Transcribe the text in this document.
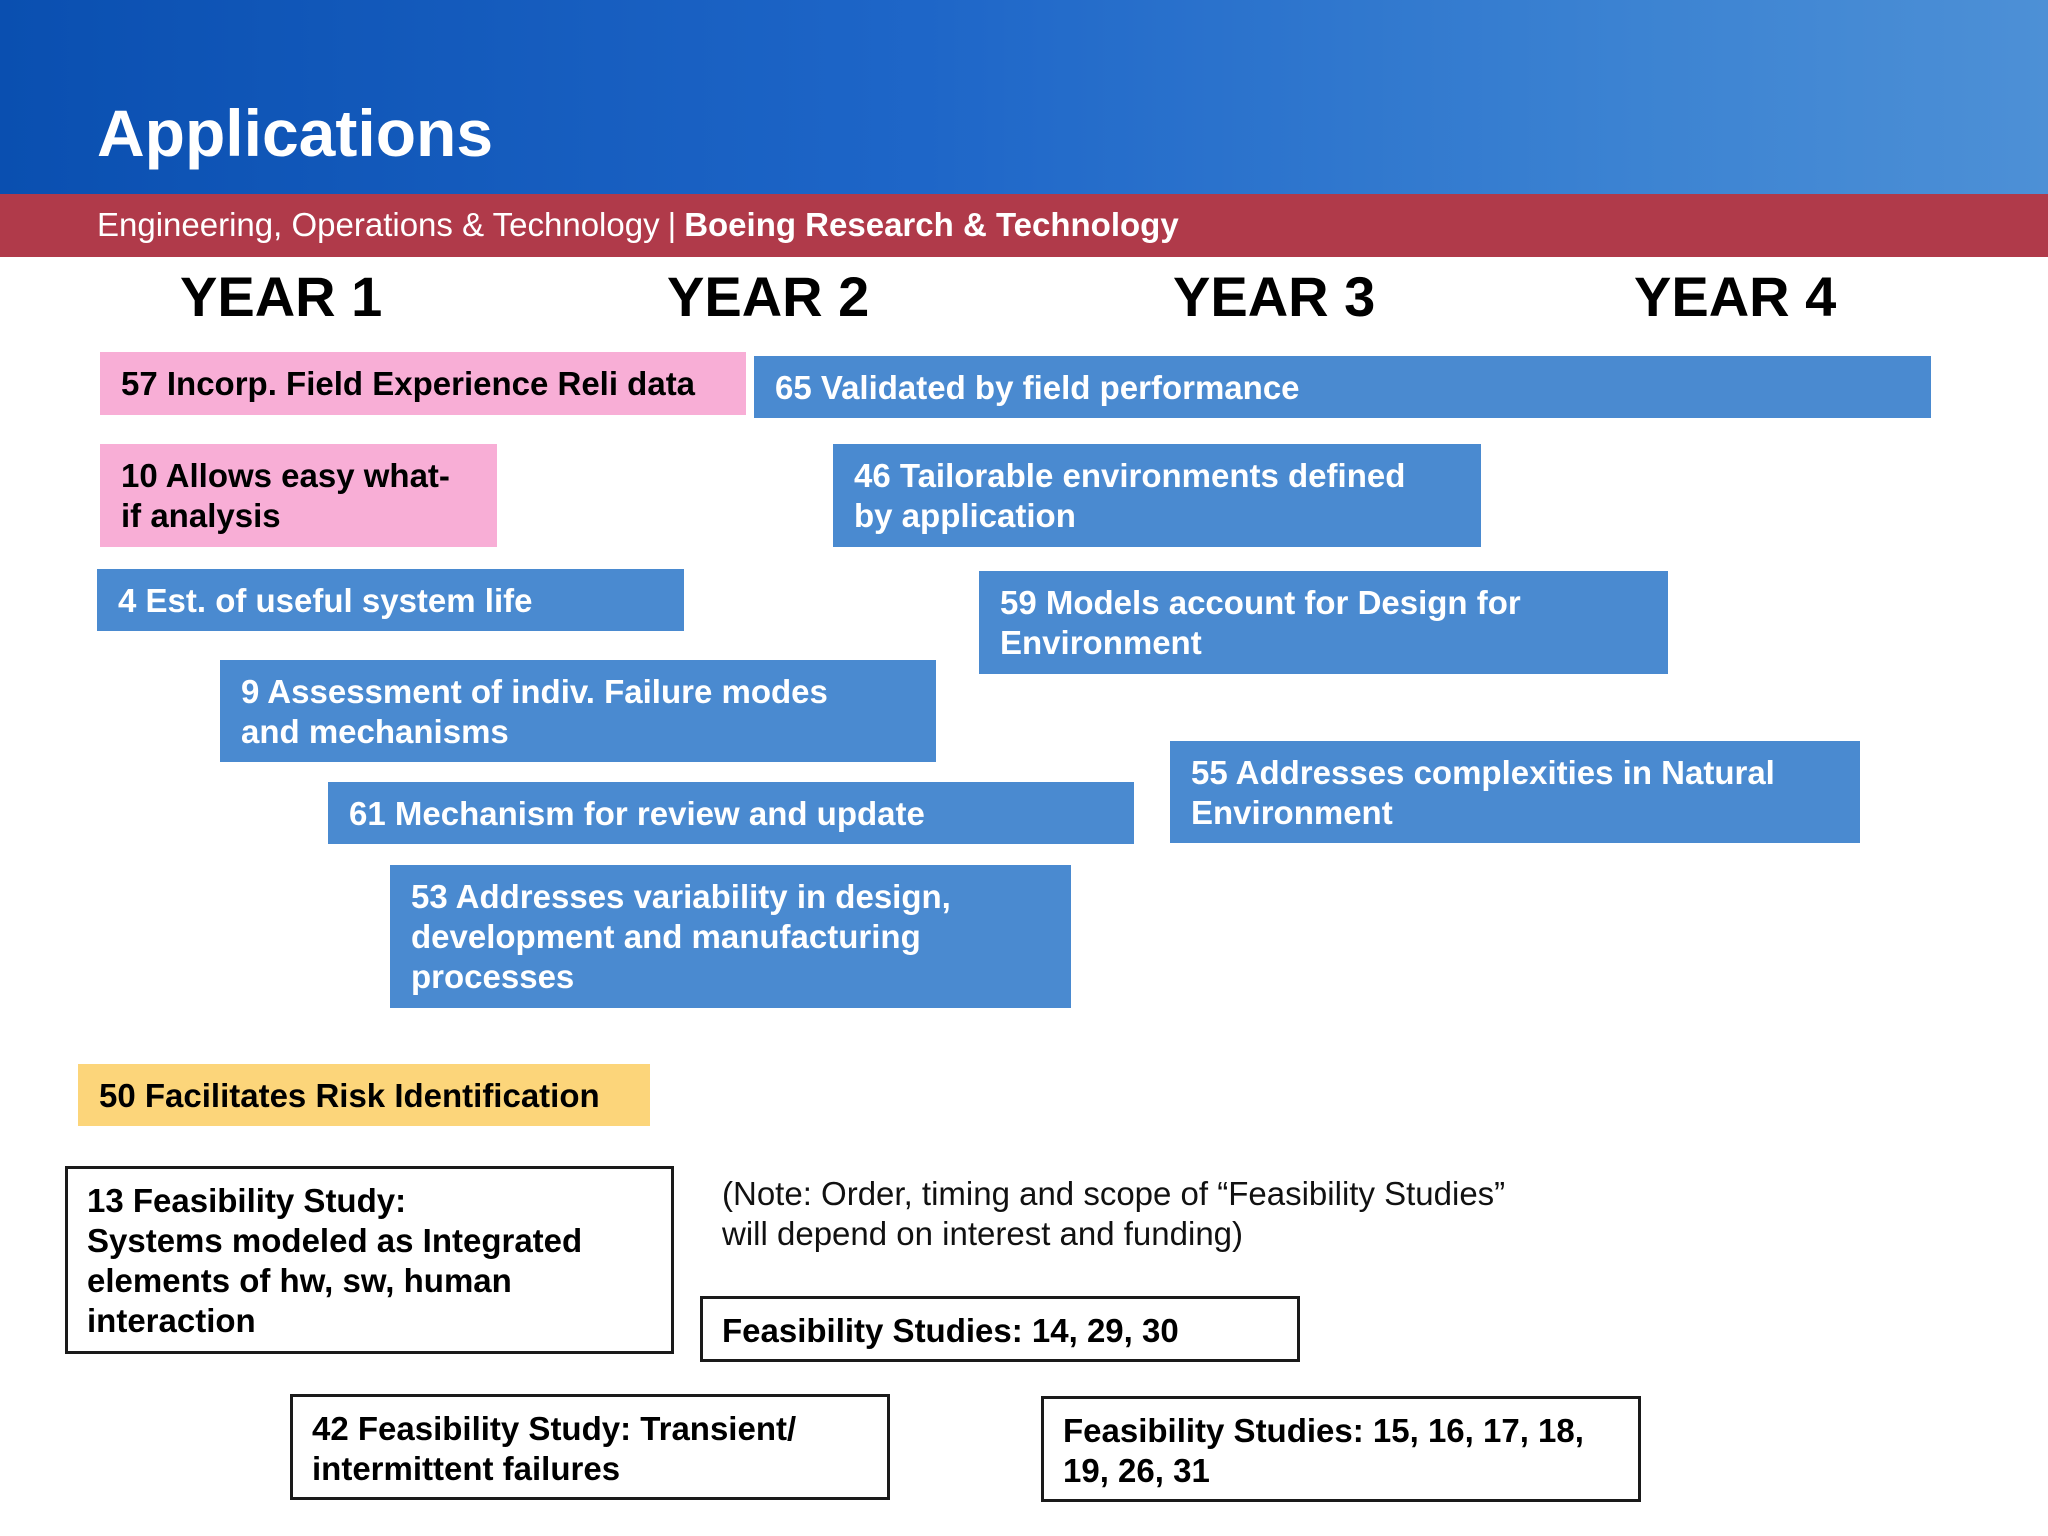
Applications
Engineering, Operations & Technology | Boeing Research & Technology
YEAR 1	YEAR 2	YEAR 3	YEAR 4
57 Incorp. Field Experience Reli data	65 Validated by field performance
10 Allows easy what-
if analysis
46 Tailorable environments defined
by application
4 Est. of useful system life	59 Models account for Design for
Environment
9 Assessment of indiv. Failure modes
and mechanisms
55 Addresses complexities in Natural
Environment
61 Mechanism for review and update
53 Addresses variability in design,
development and manufacturing
processes
50 Facilitates Risk Identification
13 Feasibility Study:
Systems modeled as Integrated
elements of hw, sw, human
interaction
(Note: Order, timing and scope of “Feasibility Studies”
will depend on interest and funding)
Feasibility Studies: 14, 29, 30
42 Feasibility Study: Transient/
intermittent failures
Feasibility Studies: 15, 16, 17, 18,
19, 26, 31
